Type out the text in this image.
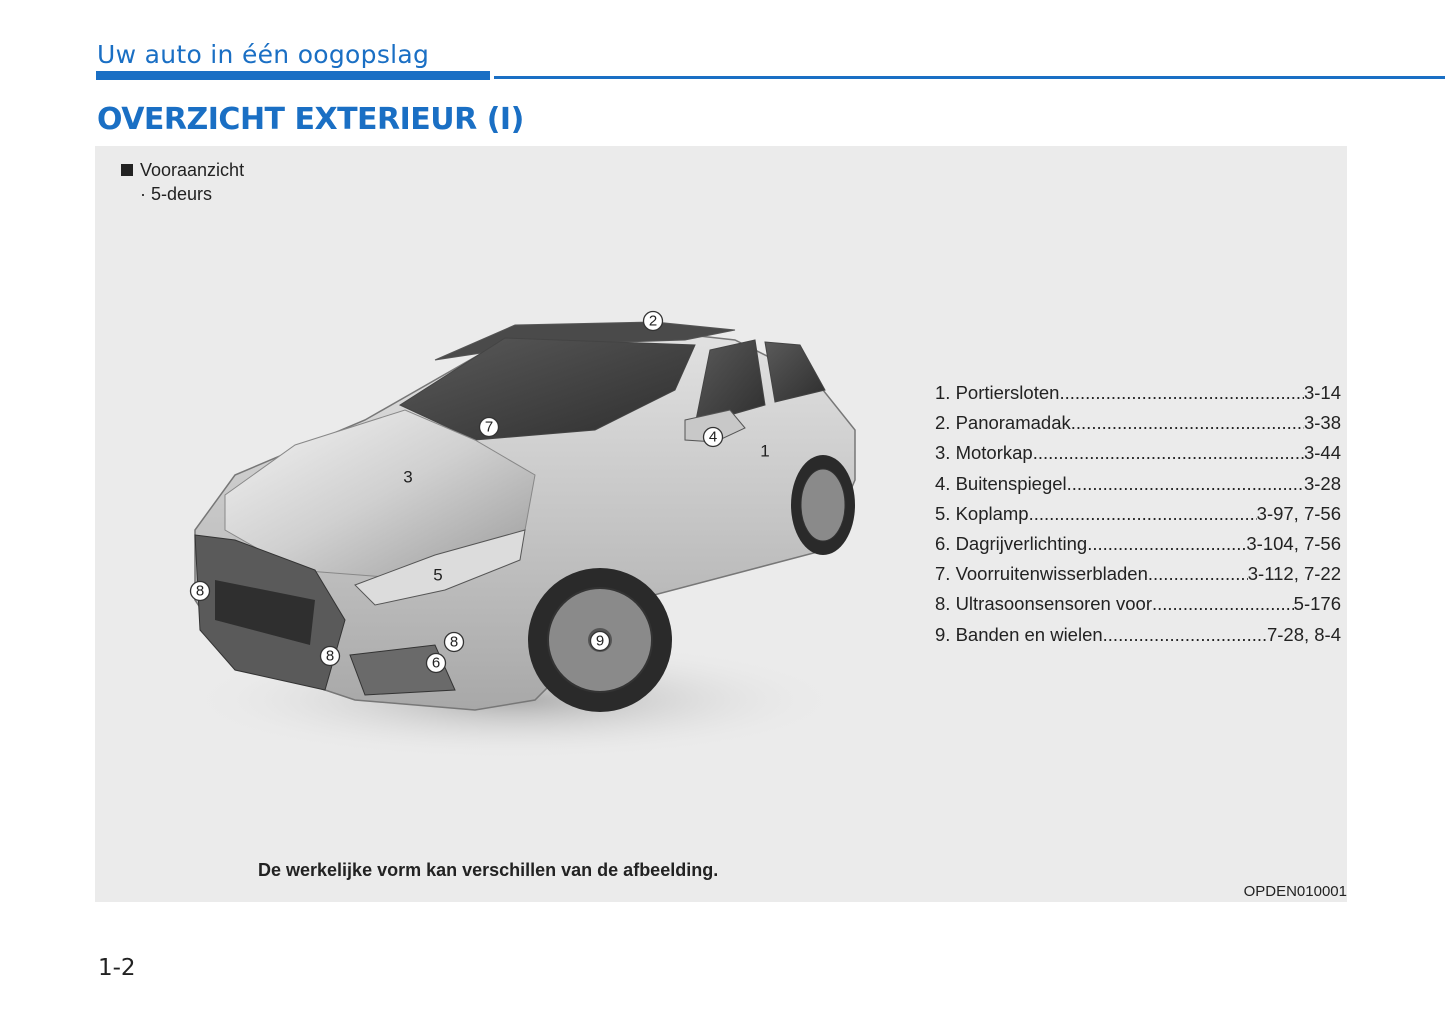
Uw auto in één oogopslag
OVERZICHT EXTERIEUR (I)
Vooraanzicht
· 5-deurs
2
7
4
1
3
5
8
8
8
6
9
1. Portiersloten .....	3-14
2. Panoramadak .....	3-38
3. Motorkap .....	3-44
4. Buitenspiegel .....	3-28
5. Koplamp .....	3-97, 7-56
6. Dagrijverlichting .....	3-104, 7-56
7. Voorruitenwisserbladen .....	3-112, 7-22
8. Ultrasoonsensoren voor .....	5-176
9. Banden en wielen .....	7-28, 8-4
De werkelijke vorm kan verschillen van de afbeelding.
OPDEN010001
1-2
